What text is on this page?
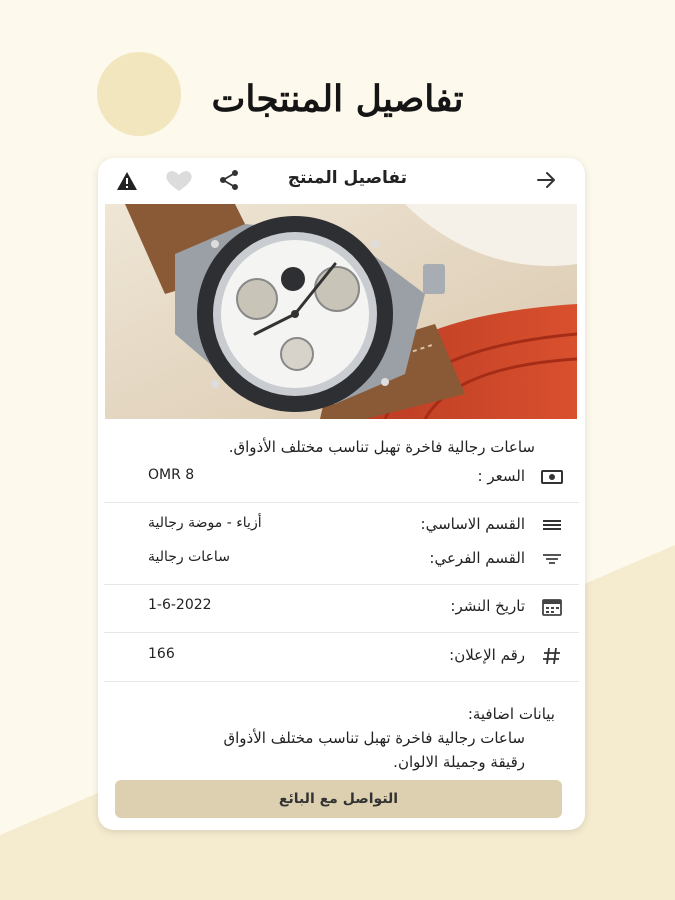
تفاصيل المنتجات
تفاصيل المنتج
ساعات رجالية فاخرة تهبل تناسب مختلف الأذواق.
السعر :
OMR 8
القسم الاساسي:
أزياء - موضة رجالية
القسم الفرعي:
ساعات رجالية
تاريخ النشر:
1-6-2022
رقم الإعلان:
166
بيانات اضافية:
ساعات رجالية فاخرة تهبل تناسب مختلف الأذواق رقيقة وجميلة الالوان.
التواصل مع البائع
